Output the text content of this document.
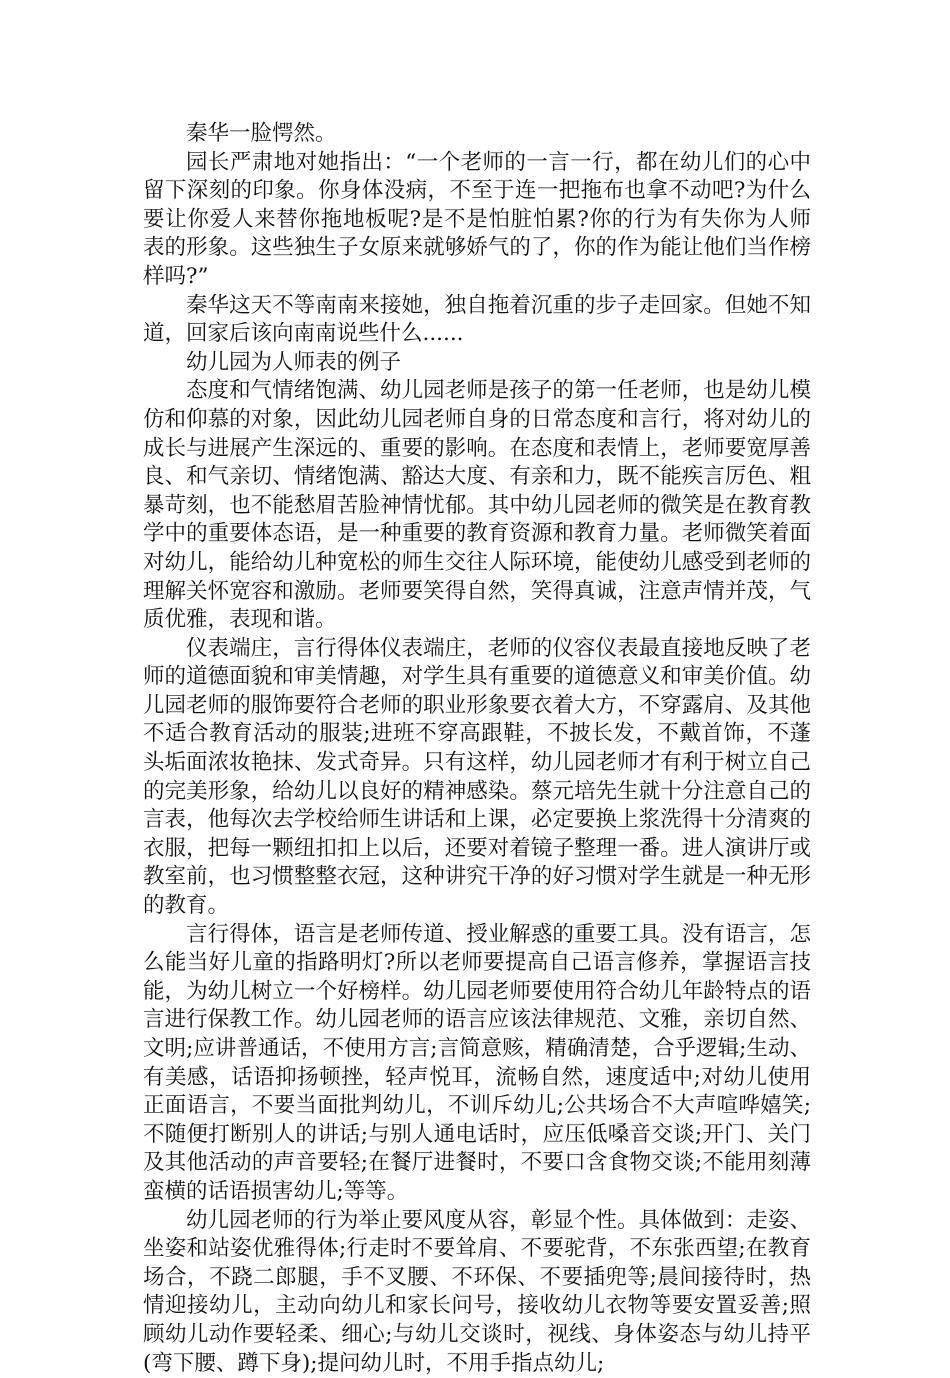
秦华一脸愕然。

园长严肃地对她指出：“一个老师的一言一行，都在幼儿们的心中留下深刻的印象。你身体没病，不至于连一把拖布也拿不动吧?为什么要让你爱人来替你拖地板呢?是不是怕脏怕累?你的行为有失你为人师表的形象。这些独生子女原来就够娇气的了，你的作为能让他们当作榜样吗?”

秦华这天不等南南来接她，独自拖着沉重的步子走回家。但她不知道，回家后该向南南说些什么......

幼儿园为人师表的例子

态度和气情绪饱满、幼儿园老师是孩子的第一任老师，也是幼儿模仿和仰慕的对象，因此幼儿园老师自身的日常态度和言行，将对幼儿的成长与进展产生深远的、重要的影响。在态度和表情上，老师要宽厚善良、和气亲切、情绪饱满、豁达大度、有亲和力，既不能疾言厉色、粗暴苛刻，也不能愁眉苦脸神情忧郁。其中幼儿园老师的微笑是在教育教学中的重要体态语，是一种重要的教育资源和教育力量。老师微笑着面对幼儿，能给幼儿种宽松的师生交往人际环境，能使幼儿感受到老师的理解关怀宽容和激励。老师要笑得自然，笑得真诚，注意声情并茂，气质优雅，表现和谐。

仪表端庄，言行得体仪表端庄，老师的仪容仪表最直接地反映了老师的道德面貌和审美情趣，对学生具有重要的道德意义和审美价值。幼儿园老师的服饰要符合老师的职业形象要衣着大方，不穿露肩、及其他不适合教育活动的服装;进班不穿高跟鞋，不披长发，不戴首饰，不蓬头垢面浓妆艳抹、发式奇异。只有这样，幼儿园老师才有利于树立自己的完美形象，给幼儿以良好的精神感染。蔡元培先生就十分注意自己的言表，他每次去学校给师生讲话和上课，必定要换上浆洗得十分清爽的衣服，把每一颗纽扣扣上以后，还要对着镜子整理一番。进人演讲厅或教室前，也习惯整整衣冠，这种讲究干净的好习惯对学生就是一种无形的教育。

言行得体，语言是老师传道、授业解惑的重要工具。没有语言，怎么能当好儿童的指路明灯?所以老师要提高自己语言修养，掌握语言技能，为幼儿树立一个好榜样。幼儿园老师要使用符合幼儿年龄特点的语言进行保教工作。幼儿园老师的语言应该法律规范、文雅，亲切自然、文明;应讲普通话，不使用方言;言简意赅，精确清楚，合乎逻辑;生动、有美感，话语抑扬顿挫，轻声悦耳，流畅自然，速度适中;对幼儿使用正面语言，不要当面批判幼儿，不训斥幼儿;公共场合不大声喧哗嬉笑;不随便打断别人的讲话;与别人通电话时，应压低嗓音交谈;开门、关门及其他活动的声音要轻;在餐厅进餐时，不要口含食物交谈;不能用刻薄蛮横的话语损害幼儿;等等。

幼儿园老师的行为举止要风度从容，彰显个性。具体做到：走姿、坐姿和站姿优雅得体;行走时不要耸肩、不要驼背，不东张西望;在教育场合，不跷二郎腿，手不叉腰、不环保、不要插兜等;晨间接待时，热情迎接幼儿，主动向幼儿和家长问号，接收幼儿衣物等要安置妥善;照顾幼儿动作要轻柔、细心;与幼儿交谈时，视线、身体姿态与幼儿持平(弯下腰、蹲下身);提问幼儿时，不用手指点幼儿;
